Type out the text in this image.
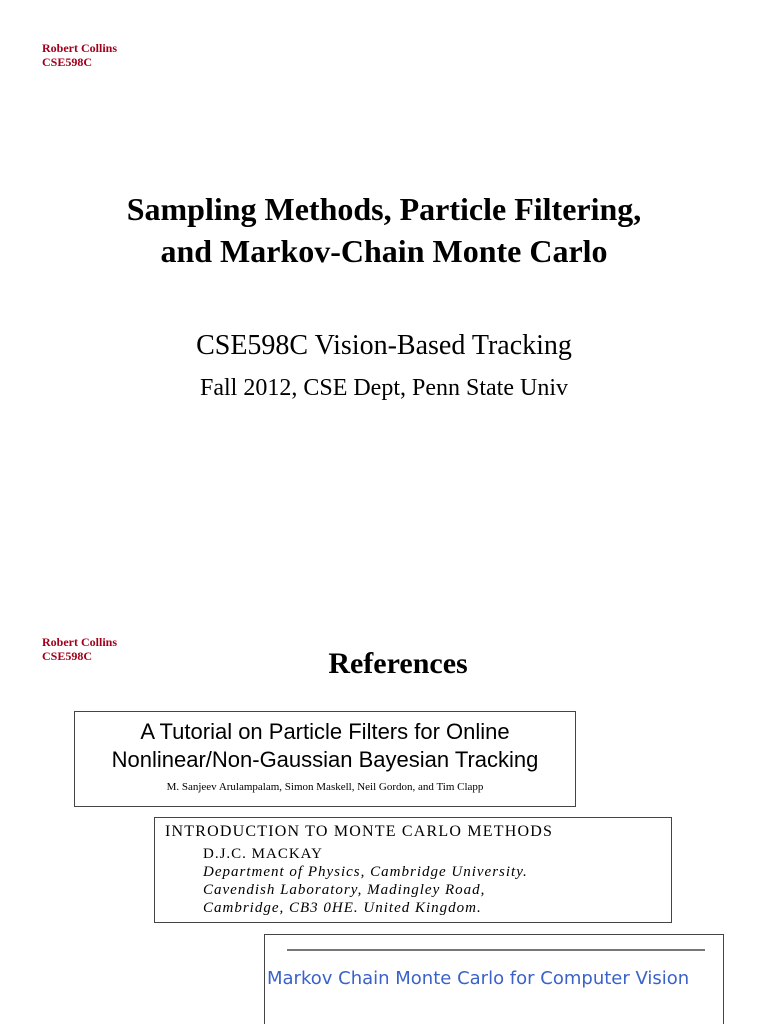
Robert Collins
CSE598C
Sampling Methods, Particle Filtering,
and Markov-Chain Monte Carlo
CSE598C Vision-Based Tracking
Fall 2012, CSE Dept, Penn State Univ
Robert Collins
CSE598C	References
A Tutorial on Particle Filters for Online
Nonlinear/Non-Gaussian Bayesian Tracking
M. Sanjeev Arulampalam, Simon Maskell, Neil Gordon, and Tim Clapp
INTRODUCTION TO MONTE CARLO METHODS
D.J.C. MACKAY
Department of Physics, Cambridge University.
Cavendish Laboratory, Madingley Road,
Cambridge, CB3 0HE. United Kingdom.
Markov Chain Monte Carlo for Computer Vision
